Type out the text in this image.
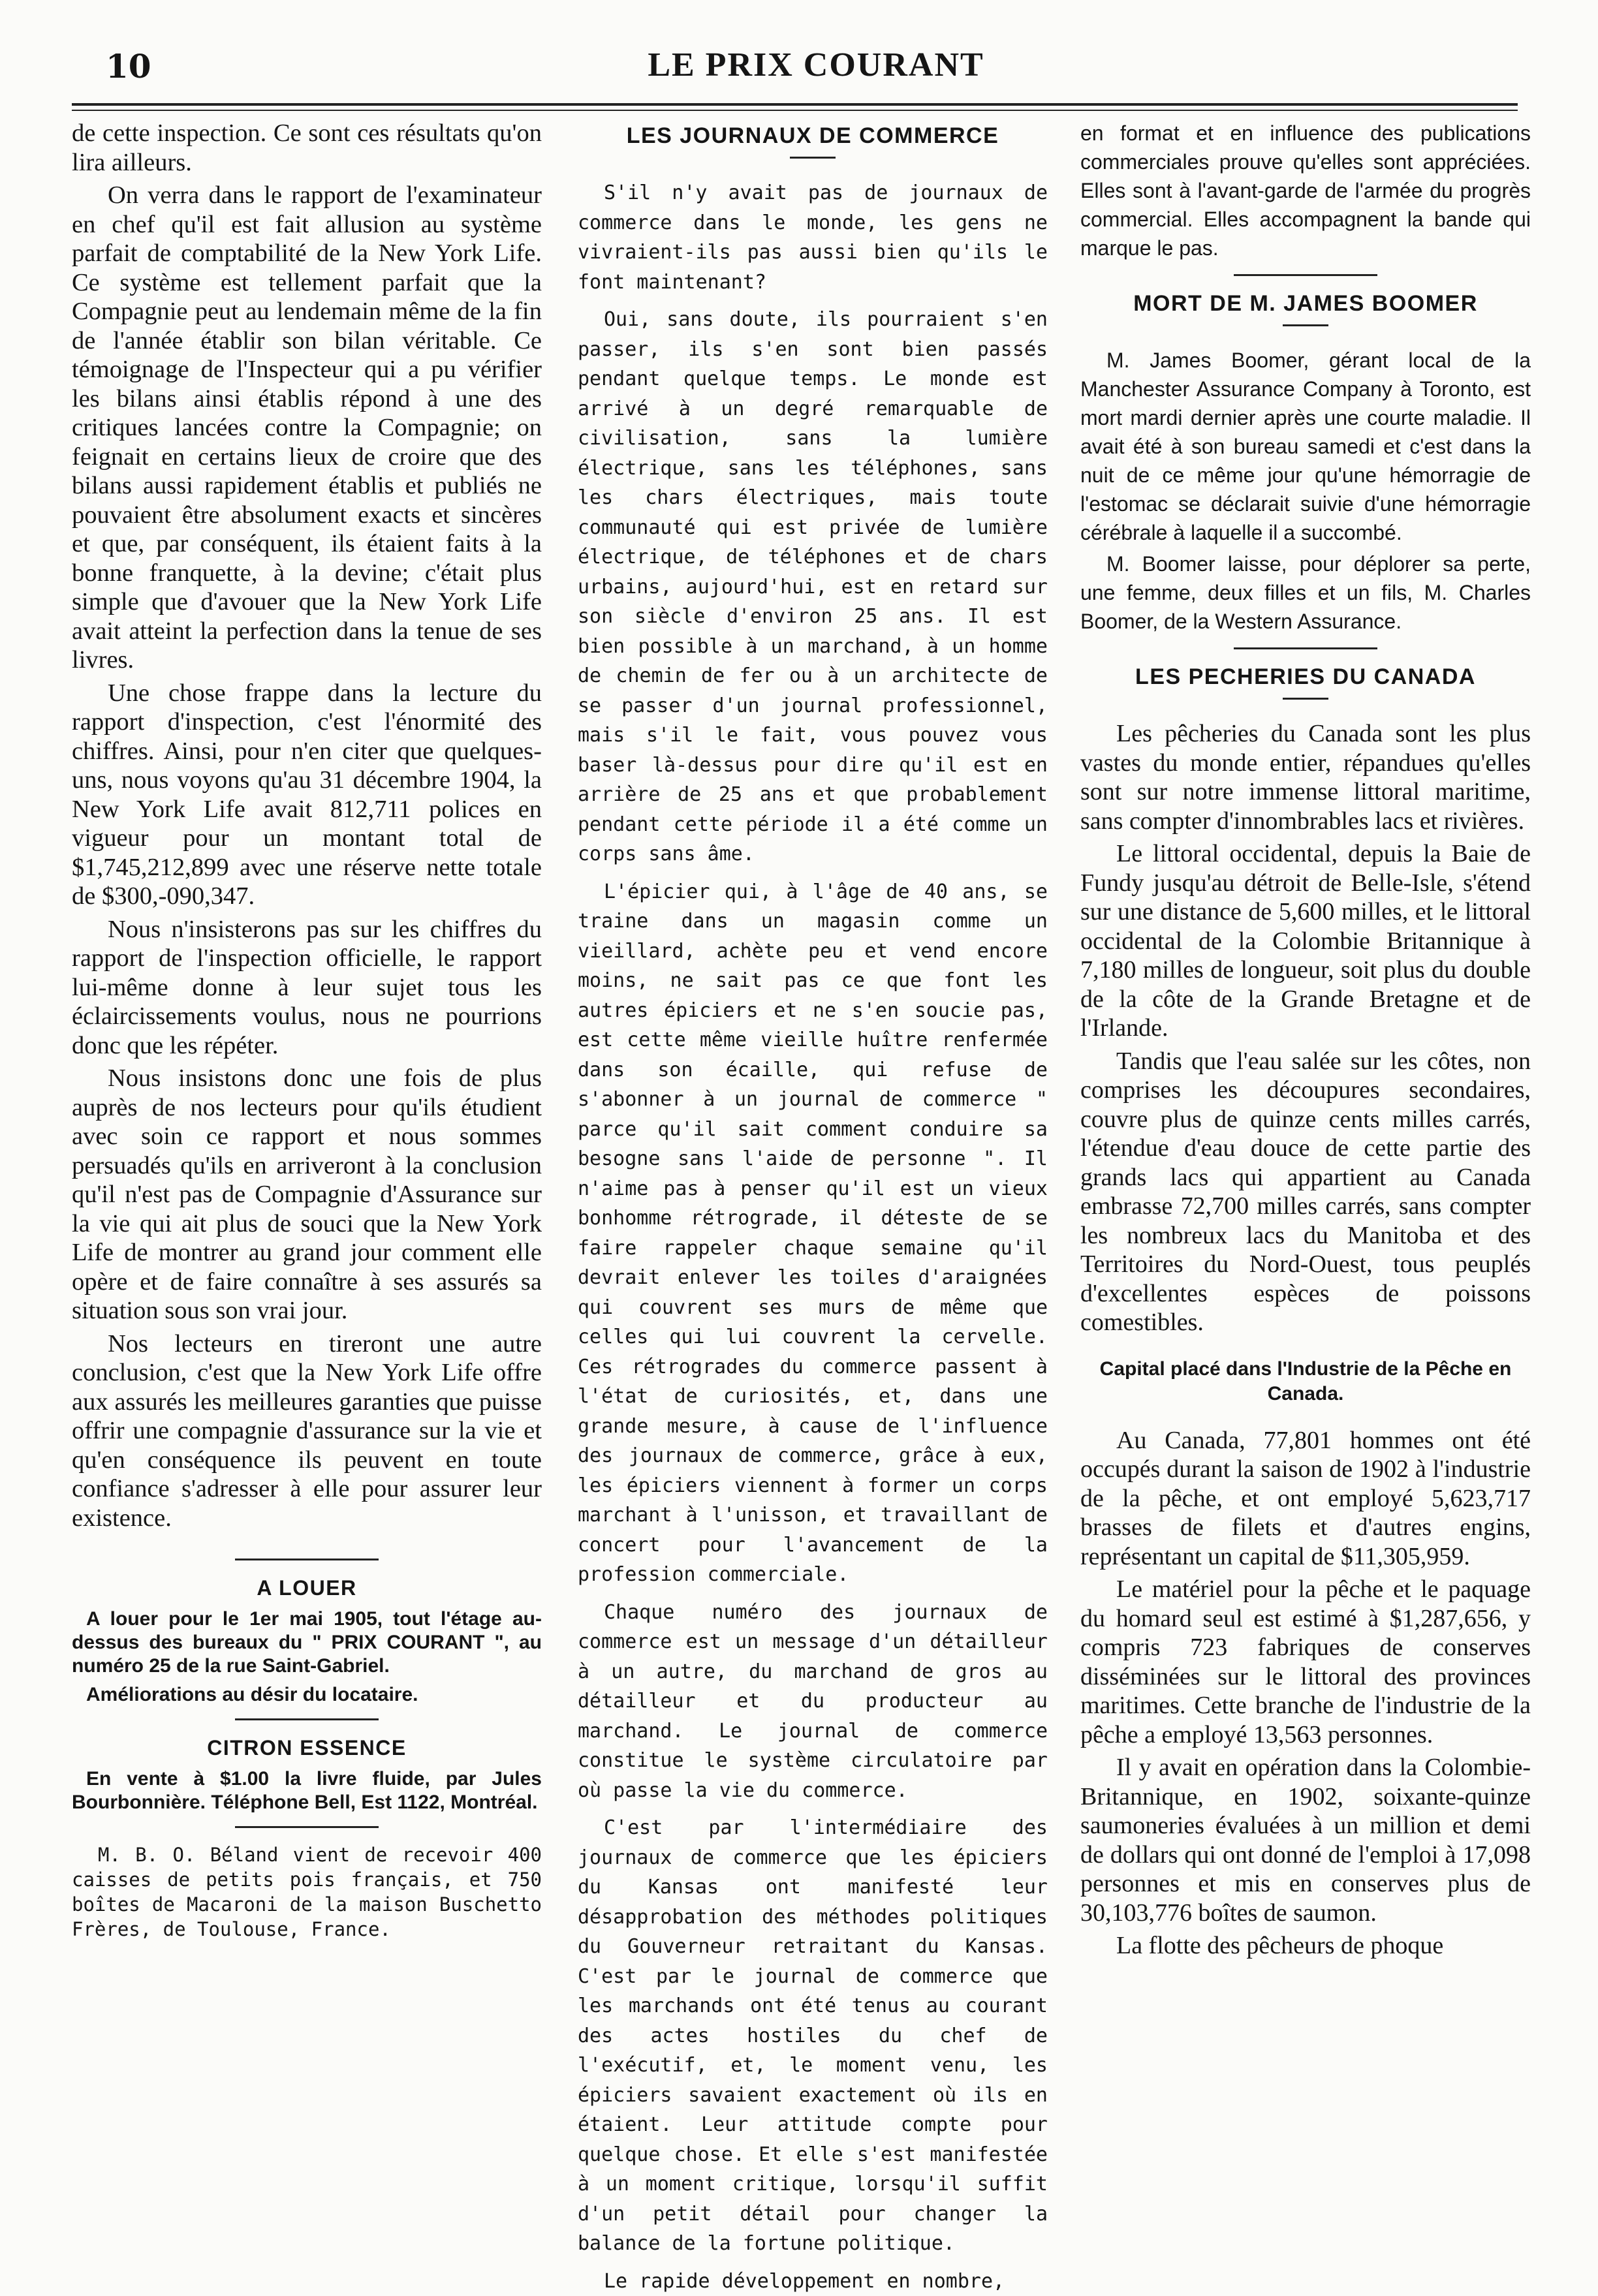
10	LE PRIX COURANT

de cette inspection. Ce sont ces résultats qu'on lira ailleurs.

On verra dans le rapport de l'examinateur en chef qu'il est fait allusion au système parfait de comptabilité de la New York Life. Ce système est tellement parfait que la Compagnie peut au lendemain même de la fin de l'année établir son bilan véritable. Ce témoignage de l'Inspecteur qui a pu vérifier les bilans ainsi établis répond à une des critiques lancées contre la Compagnie; on feignait en certains lieux de croire que des bilans aussi rapidement établis et publiés ne pouvaient être absolument exacts et sincères et que, par conséquent, ils étaient faits à la bonne franquette, à la devine; c'était plus simple que d'avouer que la New York Life avait atteint la perfection dans la tenue de ses livres.

Une chose frappe dans la lecture du rapport d'inspection, c'est l'énormité des chiffres. Ainsi, pour n'en citer que quelques-uns, nous voyons qu'au 31 décembre 1904, la New York Life avait 812,711 polices en vigueur pour un montant total de $1,745,212,899 avec une réserve nette totale de $300,-090,347.

Nous n'insisterons pas sur les chiffres du rapport de l'inspection officielle, le rapport lui-même donne à leur sujet tous les éclaircissements voulus, nous ne pourrions donc que les répéter.

Nous insistons donc une fois de plus auprès de nos lecteurs pour qu'ils étudient avec soin ce rapport et nous sommes persuadés qu'ils en arriveront à la conclusion qu'il n'est pas de Compagnie d'Assurance sur la vie qui ait plus de souci que la New York Life de montrer au grand jour comment elle opère et de faire connaître à ses assurés sa situation sous son vrai jour.

Nos lecteurs en tireront une autre conclusion, c'est que la New York Life offre aux assurés les meilleures garanties que puisse offrir une compagnie d'assurance sur la vie et qu'en conséquence ils peuvent en toute confiance s'adresser à elle pour assurer leur existence.

A LOUER

A louer pour le 1er mai 1905, tout l'étage au-dessus des bureaux du " PRIX COURANT ", au numéro 25 de la rue Saint-Gabriel.

Améliorations au désir du locataire.

CITRON ESSENCE

En vente à $1.00 la livre fluide, par Jules Bourbonnière. Téléphone Bell, Est 1122, Montréal.

M. B. O. Béland vient de recevoir 400 caisses de petits pois français, et 750 boîtes de Macaroni de la maison Buschetto Frères, de Toulouse, France.

LES JOURNAUX DE COMMERCE

S'il n'y avait pas de journaux de commerce dans le monde, les gens ne vivraient-ils pas aussi bien qu'ils le font maintenant?

Oui, sans doute, ils pourraient s'en passer, ils s'en sont bien passés pendant quelque temps. Le monde est arrivé à un degré remarquable de civilisation, sans la lumière électrique, sans les téléphones, sans les chars électriques, mais toute communauté qui est privée de lumière électrique, de téléphones et de chars urbains, aujourd'hui, est en retard sur son siècle d'environ 25 ans. Il est bien possible à un marchand, à un homme de chemin de fer ou à un architecte de se passer d'un journal professionnel, mais s'il le fait, vous pouvez vous baser là-dessus pour dire qu'il est en arrière de 25 ans et que probablement pendant cette période il a été comme un corps sans âme.

L'épicier qui, à l'âge de 40 ans, se traine dans un magasin comme un vieillard, achète peu et vend encore moins, ne sait pas ce que font les autres épiciers et ne s'en soucie pas, est cette même vieille huître renfermée dans son écaille, qui refuse de s'abonner à un journal de commerce " parce qu'il sait comment conduire sa besogne sans l'aide de personne ". Il n'aime pas à penser qu'il est un vieux bonhomme rétrograde, il déteste de se faire rappeler chaque semaine qu'il devrait enlever les toiles d'araignées qui couvrent ses murs de même que celles qui lui couvrent la cervelle. Ces rétrogrades du commerce passent à l'état de curiosités, et, dans une grande mesure, à cause de l'influence des journaux de commerce, grâce à eux, les épiciers viennent à former un corps marchant à l'unisson, et travaillant de concert pour l'avancement de la profession commerciale.

Chaque numéro des journaux de commerce est un message d'un détailleur à un autre, du marchand de gros au détailleur et du producteur au marchand. Le journal de commerce constitue le système circulatoire par où passe la vie du commerce.

C'est par l'intermédiaire des journaux de commerce que les épiciers du Kansas ont manifesté leur désapprobation des méthodes politiques du Gouverneur retraitant du Kansas. C'est par le journal de commerce que les marchands ont été tenus au courant des actes hostiles du chef de l'exécutif, et, le moment venu, les épiciers savaient exactement où ils en étaient. Leur attitude compte pour quelque chose. Et elle s'est manifestée à un moment critique, lorsqu'il suffit d'un petit détail pour changer la balance de la fortune politique.

Le rapide développement en nombre,

en format et en influence des publications commerciales prouve qu'elles sont appréciées. Elles sont à l'avant-garde de l'armée du progrès commercial. Elles accompagnent la bande qui marque le pas.

MORT DE M. JAMES BOOMER

M. James Boomer, gérant local de la Manchester Assurance Company à Toronto, est mort mardi dernier après une courte maladie. Il avait été à son bureau samedi et c'est dans la nuit de ce même jour qu'une hémorragie de l'estomac se déclarait suivie d'une hémorragie cérébrale à laquelle il a succombé.

M. Boomer laisse, pour déplorer sa perte, une femme, deux filles et un fils, M. Charles Boomer, de la Western Assurance.

LES PECHERIES DU CANADA

Les pêcheries du Canada sont les plus vastes du monde entier, répandues qu'elles sont sur notre immense littoral maritime, sans compter d'innombrables lacs et rivières.

Le littoral occidental, depuis la Baie de Fundy jusqu'au détroit de Belle-Isle, s'étend sur une distance de 5,600 milles, et le littoral occidental de la Colombie Britannique à 7,180 milles de longueur, soit plus du double de la côte de la Grande Bretagne et de l'Irlande.

Tandis que l'eau salée sur les côtes, non comprises les découpures secondaires, couvre plus de quinze cents milles carrés, l'étendue d'eau douce de cette partie des grands lacs qui appartient au Canada embrasse 72,700 milles carrés, sans compter les nombreux lacs du Manitoba et des Territoires du Nord-Ouest, tous peuplés d'excellentes espèces de poissons comestibles.

Capital placé dans l'Industrie de la Pêche en Canada.

Au Canada, 77,801 hommes ont été occupés durant la saison de 1902 à l'industrie de la pêche, et ont employé 5,623,717 brasses de filets et d'autres engins, représentant un capital de $11,305,959.

Le matériel pour la pêche et le paquage du homard seul est estimé à $1,287,656, y compris 723 fabriques de conserves disséminées sur le littoral des provinces maritimes. Cette branche de l'industrie de la pêche a employé 13,563 personnes.

Il y avait en opération dans la Colombie-Britannique, en 1902, soixante-quinze saumoneries évaluées à un million et demi de dollars qui ont donné de l'emploi à 17,098 personnes et mis en conserves plus de 30,103,776 boîtes de saumon.

La flotte des pêcheurs de phoque
